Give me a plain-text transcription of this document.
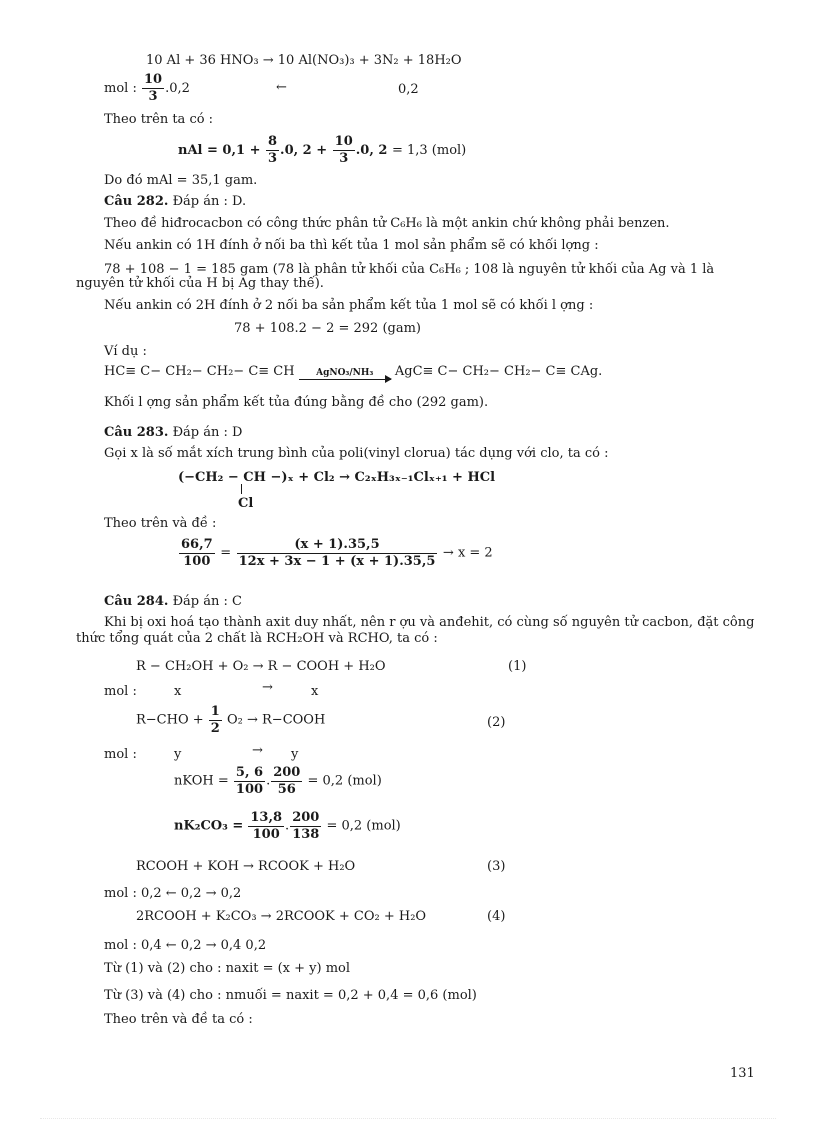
10 Al + 36 HNO₃ → 10 Al(NO₃)₃ + 3N₂ + 18H₂O
mol : $\frac{10}{3} .0,2$	←	0,2
Theo trên ta có :
nAl = $0,1 + \frac{8}{3} .0$, $2 + \frac{10}{3} .0$, 2 = 1,3 (mol)
Do đó mAl = 35,1 gam.
Câu 282. Đáp án : D.
Theo đề hiđrocacbon có công thức phân tử C₆H₆ là một ankin chứ không phải benzen.
Nếu ankin có 1H đính ở nối ba thì kết tủa 1 mol sản phẩm sẽ có khối lợng :
78 + 108 − 1 = 185 gam (78 là phân tử khối của C₆H₆ ; 108 là nguyên tử khối của Ag và 1 là
nguyên tử khối của H bị Ag thay thế).
Nếu ankin có 2H đính ở 2 nối ba sản phẩm kết tủa 1 mol sẽ có khối l ợng :
78 + 108.2 − 2 = 292 (gam)
Ví dụ :
HC≡ C− CH₂− CH₂− C≡ CH	AgNO₃/NH₃	AgC≡ C− CH₂− CH₂− C≡ CAg.
Khối l ợng sản phẩm kết tủa đúng bằng đề cho (292 gam).
Câu 283. Đáp án : D
Gọi x là số mắt xích trung bình của poli(vinyl clorua) tác dụng với clo, ta có :
(−CH₂ − CH −)ₓ + Cl₂ → C₂ₓH₃ₓ₋₁Clₓ₊₁ + HCl
Cl
Theo trên và đề :
$\frac{66,7}{100} = \frac{(x + 1).35,5}{12x + 3x - 1 + (x + 1).35,5} \to x = 2$
Câu 284. Đáp án : C
Khi bị oxi hoá tạo thành axit duy nhất, nên r ợu và anđehit, có cùng số nguyên tử cacbon, đặt công
thức tổng quát của 2 chất là RCH₂OH và RCHO, ta có :
R − CH₂OH + O₂ → R − COOH + H₂O	(1)
mol :	x	→	x
$R-CHO + \frac{1}{2} O_2$ → R−COOH	(2)
mol :	y	→ y
nKOH = $\frac{5, 6}{100}$ . $\frac{200}{56} = 0,2$ (mol)
$nK_2CO_3 = \frac{13,8}{100}$ . $\frac{200}{138} = 0,2$ (mol)
RCOOH + KOH → RCOOK + H₂O	(3)
mol : 0,2 ← 0,2 → 0,2
2RCOOH + K₂CO₃ → 2RCOOK + CO₂ + H₂O	(4)
mol : 0,4 ← 0,2 → 0,4 0,2
Từ (1) và (2) cho : naxit = (x + y) mol
Từ (3) và (4) cho : nmuối = naxit = 0,2 + 0,4 = 0,6 (mol)
Theo trên và đề ta có :
131
